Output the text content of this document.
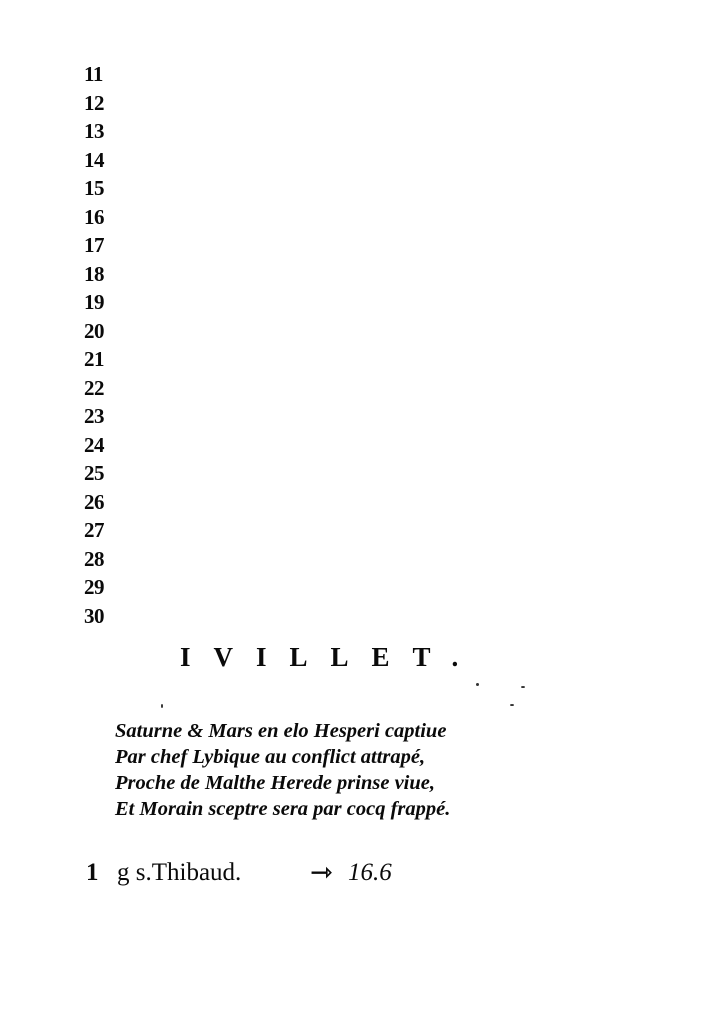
11
12
13
14
15
16
17
18
19
20
21
22
23
24
25
26
27
28
29
30
IVILLET.
Saturne & Mars en elo Hesperi captiue
Par chef Lybique au conflict attrapé,
Proche de Malthe Herede prinse viue,
Et Morain sceptre sera par cocq frappé.
1 g s.Thibaud.	⇾ 16.6
